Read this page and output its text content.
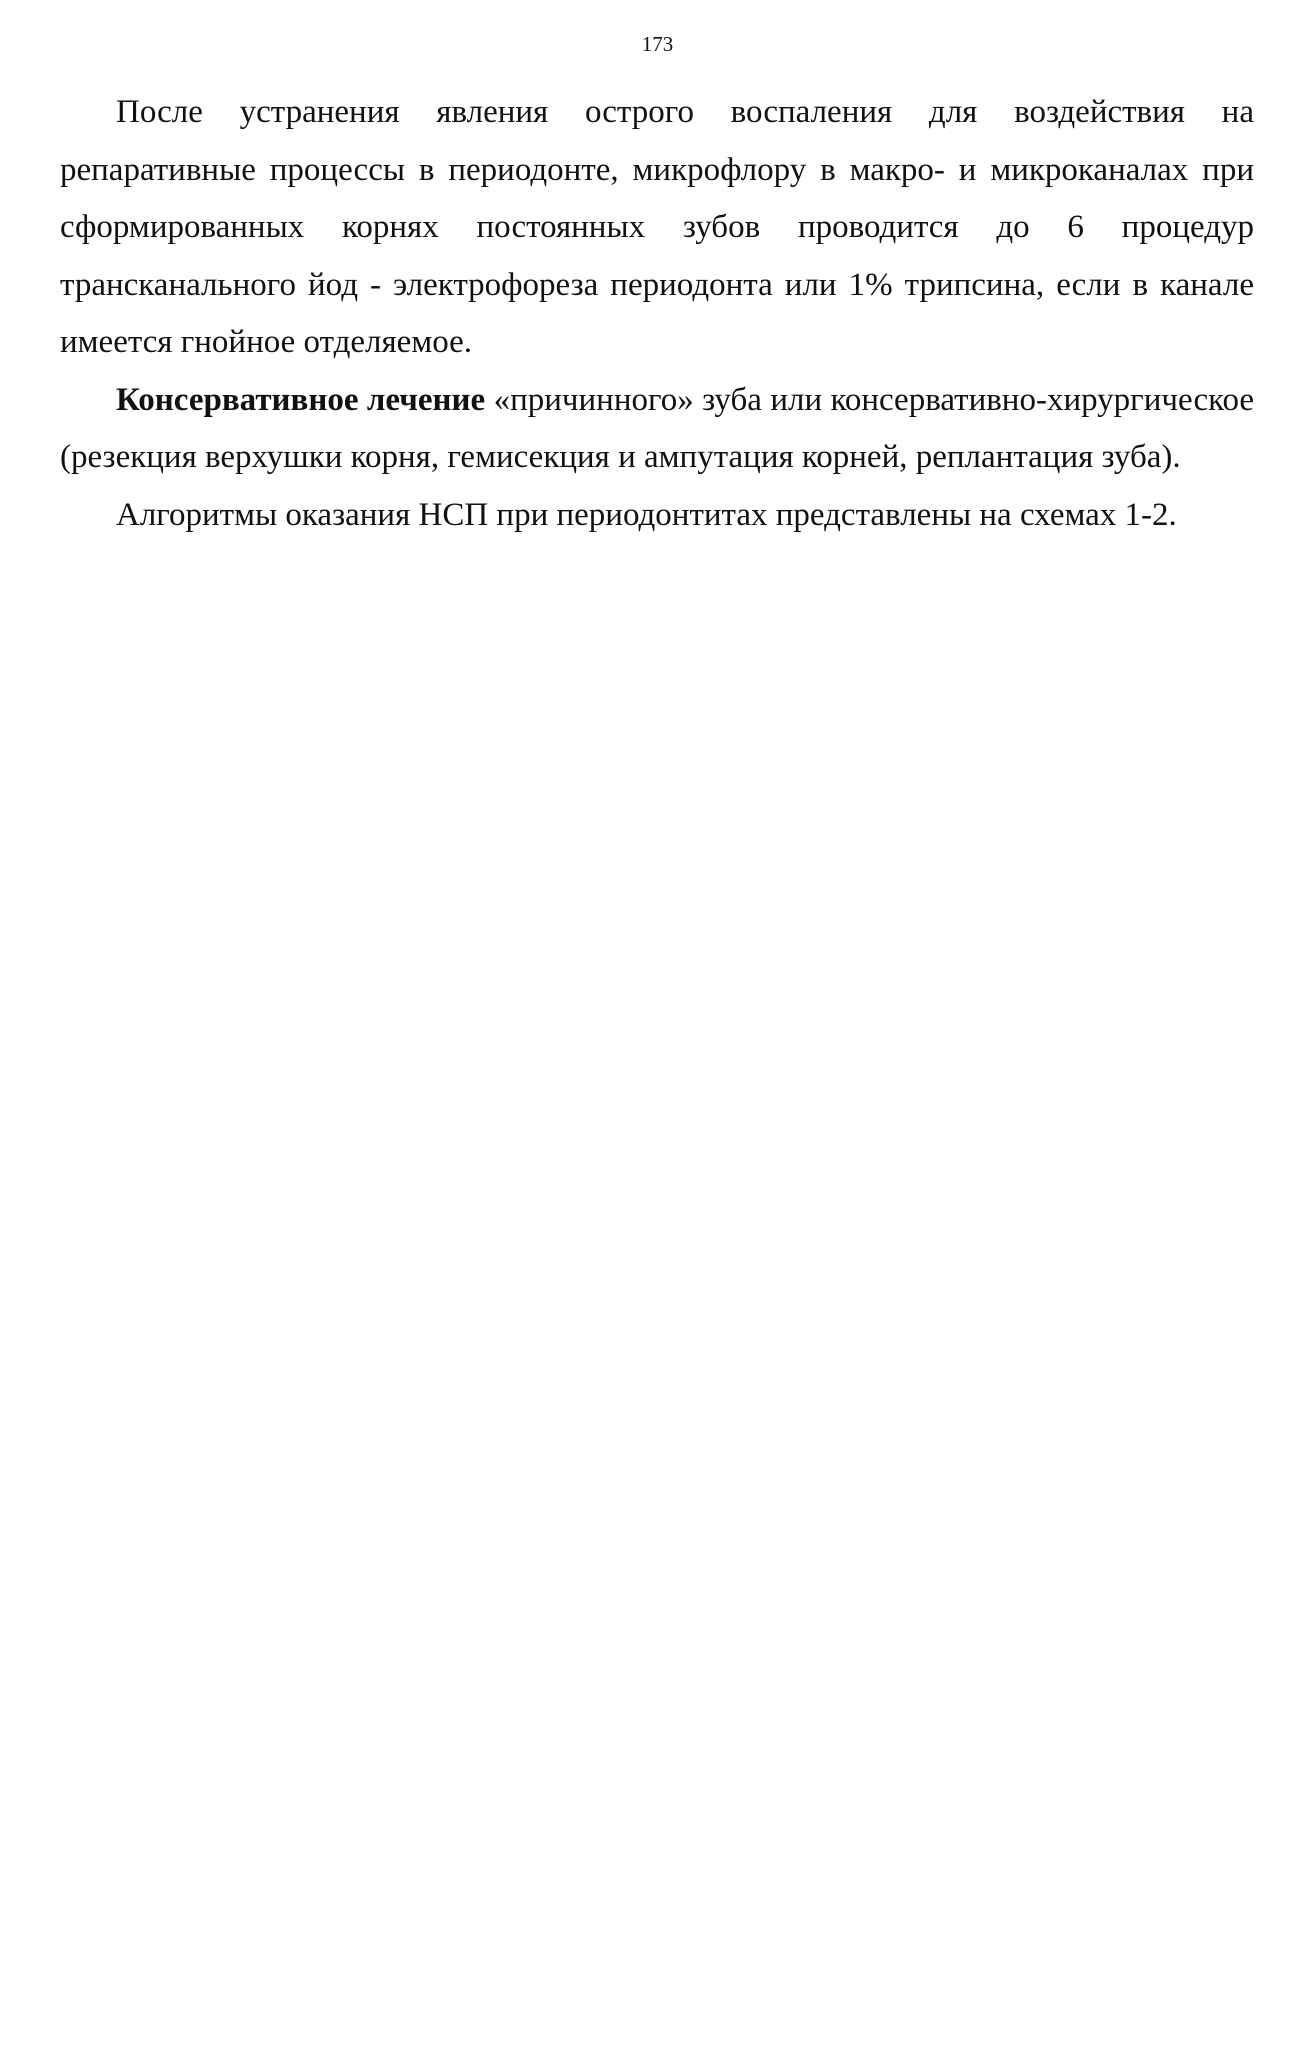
173

После устранения явления острого воспаления для воздействия на репаративные процессы в периодонте, микрофлору в макро- и микроканалах при сформированных корнях постоянных зубов проводится до 6 процедур трансканального йод - электрофореза периодонта или 1% трипсина, если в канале имеется гнойное отделяемое.

Консервативное лечение «причинного» зуба или консервативно-хирургическое (резекция верхушки корня, гемисекция и ампутация корней, реплантация зуба).

Алгоритмы оказания НСП при периодонтитах представлены на схемах 1-2.
